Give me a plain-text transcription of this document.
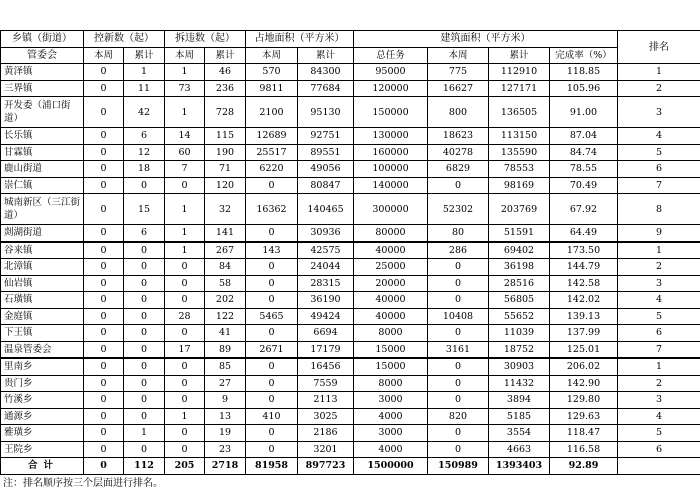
乡镇（街道）	控新数（起）		拆违数（起）		占地面积（平方米）		建筑面积（平方米）				排名
管委会	本周	累计	本周	累计	本周	累计	总任务	本周	累计	完成率（%）	
黄泽镇	0	1	1	46	570	84300	95000	775	112910	118.85	1
三界镇	0	11	73	236	9811	77684	120000	16627	127171	105.96	2
开发委（浦口街道）	0	42	1	728	2100	95130	150000	800	136505	91.00	3
长乐镇	0	6	14	115	12689	92751	130000	18623	113150	87.04	4
甘霖镇	0	12	60	190	25517	89551	160000	40278	135590	84.74	5
鹿山街道	0	18	7	71	6220	49056	100000	6829	78553	78.55	6
崇仁镇	0	0	0	120	0	80847	140000	0	98169	70.49	7
城南新区（三江街道）	0	15	1	32	16362	140465	300000	52302	203769	67.92	8
剡湖街道	0	6	1	141	0	30936	80000	80	51591	64.49	9
谷来镇	0	0	1	267	143	42575	40000	286	69402	173.50	1
北漳镇	0	0	0	84	0	24044	25000	0	36198	144.79	2
仙岩镇	0	0	0	58	0	28315	20000	0	28516	142.58	3
石璜镇	0	0	0	202	0	36190	40000	0	56805	142.02	4
金庭镇	0	0	28	122	5465	49424	40000	10408	55652	139.13	5
下王镇	0	0	0	41	0	6694	8000	0	11039	137.99	6
温泉管委会	0	0	17	89	2671	17179	15000	3161	18752	125.01	7
里南乡	0	0	0	85	0	16456	15000	0	30903	206.02	1
贵门乡	0	0	0	27	0	7559	8000	0	11432	142.90	2
竹溪乡	0	0	0	9	0	2113	3000	0	3894	129.80	3
通源乡	0	0	1	13	410	3025	4000	820	5185	129.63	4
雅璜乡	0	1	0	19	0	2186	3000	0	3554	118.47	5
王院乡	0	0	0	23	0	3201	4000	0	4663	116.58	6
合计	0	112	205	2718	81958	897723	1500000	150989	1393403	92.89	
注：排名顺序按三个层面进行排名。
